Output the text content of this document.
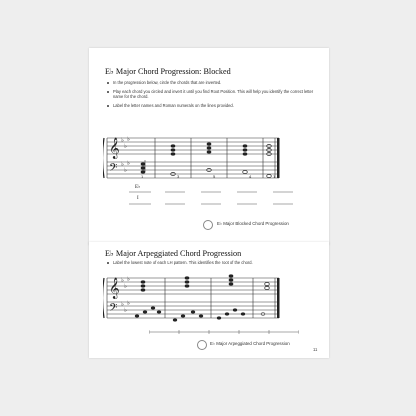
E♭ Major Chord Progression: Blocked
In the progression below, circle the chords that are inverted.
Play each chord you circled and invert it until you find Root Position. This will help you identify the correct letter name for the chord.
Label the letter names and Roman numerals on the lines provided.
𝄞
𝄢
♭
♭
♭
♭
♭
♭
1	3	5	4	1
E♭
I
E♭ Major Blocked Chord Progression
E♭ Major Arpeggiated Chord Progression
Label the lowest note of each LH pattern. This identifies the root of the chord.
𝄞
𝄢
♭
♭
♭
♭
♭
♭
E♭ Major Arpeggiated Chord Progression
11
